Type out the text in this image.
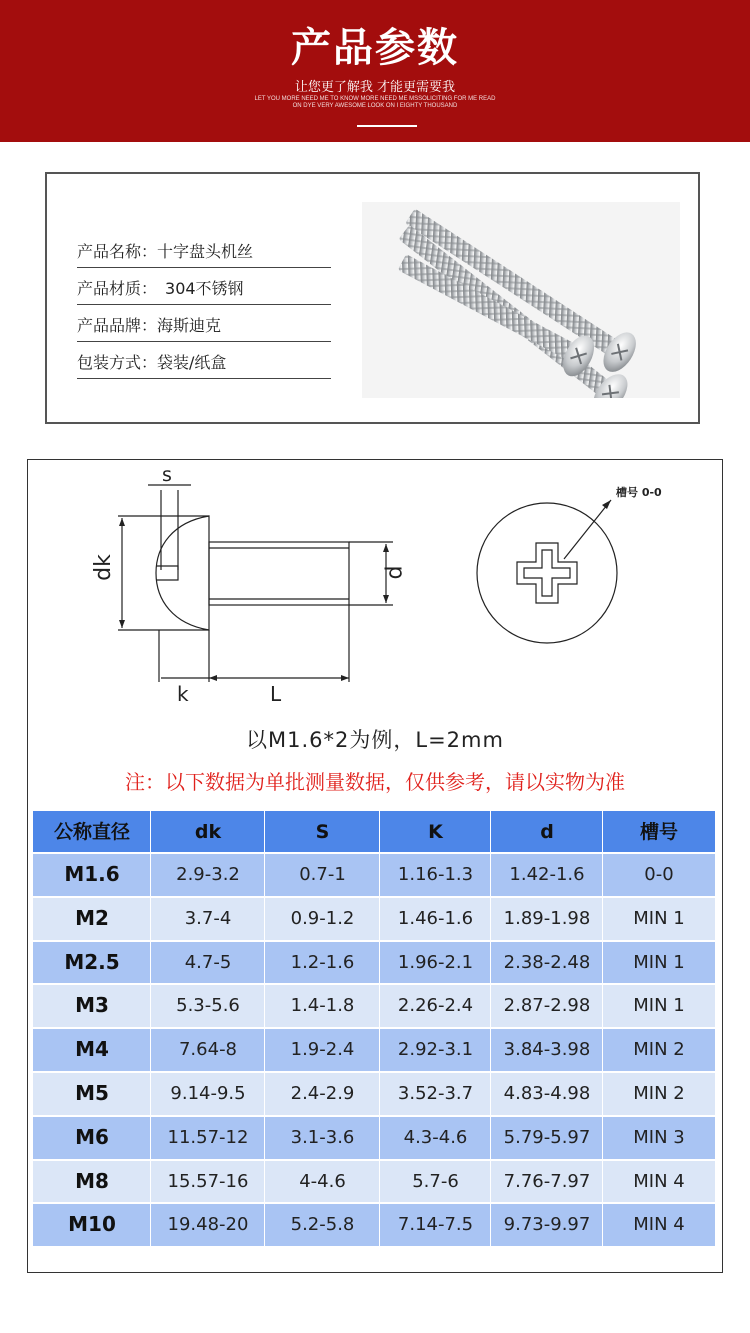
产品参数
让您更了解我 才能更需要我
LET YOU MORE NEED ME TO KNOW MORE NEED ME MSSOLICITING FOR ME READ
ON DYE VERY AWESOME LOOK ON I EIGHTY THOUSAND
产品名称：十字盘头机丝
产品材质： 304不锈钢
产品品牌：海斯迪克
包装方式：袋装/纸盒
s
dk	d
k	L
槽号 0-0
以M1.6*2为例，L=2mm
注：以下数据为单批测量数据，仅供参考，请以实物为准
公称直径	dk	S	K	d	槽号
M1.6	2.9-3.2	0.7-1	1.16-1.3	1.42-1.6	0-0
M2	3.7-4	0.9-1.2	1.46-1.6	1.89-1.98	MIN 1
M2.5	4.7-5	1.2-1.6	1.96-2.1	2.38-2.48	MIN 1
M3	5.3-5.6	1.4-1.8	2.26-2.4	2.87-2.98	MIN 1
M4	7.64-8	1.9-2.4	2.92-3.1	3.84-3.98	MIN 2
M5	9.14-9.5	2.4-2.9	3.52-3.7	4.83-4.98	MIN 2
M6	11.57-12	3.1-3.6	4.3-4.6	5.79-5.97	MIN 3
M8	15.57-16	4-4.6	5.7-6	7.76-7.97	MIN 4
M10	19.48-20	5.2-5.8	7.14-7.5	9.73-9.97	MIN 4
